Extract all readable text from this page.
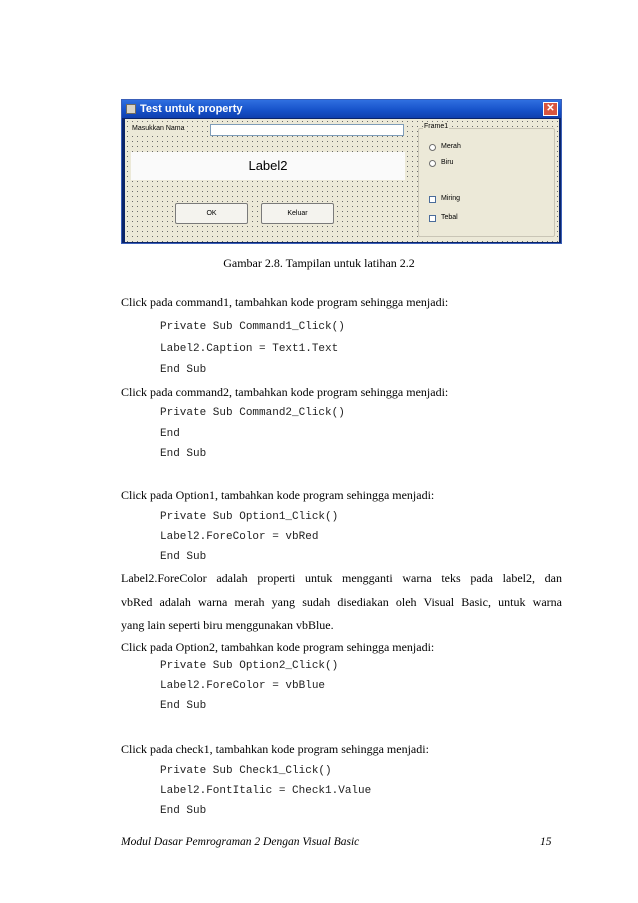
Test untuk property	✕
Masukkan Nama
Label2
OK	Keluar
Frame1
Merah
Biru
Miring
Tebal
Gambar 2.8. Tampilan untuk latihan 2.2
Click pada command1, tambahkan kode program sehingga menjadi:
Private Sub Command1_Click()
Label2.Caption = Text1.Text
End Sub
Click pada command2, tambahkan kode program sehingga menjadi:
Private Sub Command2_Click()
End
End Sub
Click pada Option1, tambahkan kode program sehingga menjadi:
Private Sub Option1_Click()
Label2.ForeColor = vbRed
End Sub
Label2.ForeColor adalah properti untuk mengganti warna teks pada label2, dan
vbRed adalah warna merah yang sudah disediakan oleh Visual Basic, untuk warna
yang lain seperti biru menggunakan vbBlue.
Click pada Option2, tambahkan kode program sehingga menjadi:
Private Sub Option2_Click()
Label2.ForeColor = vbBlue
End Sub
Click pada check1, tambahkan kode program sehingga menjadi:
Private Sub Check1_Click()
Label2.FontItalic = Check1.Value
End Sub
Modul Dasar Pemrograman 2 Dengan Visual Basic	15
